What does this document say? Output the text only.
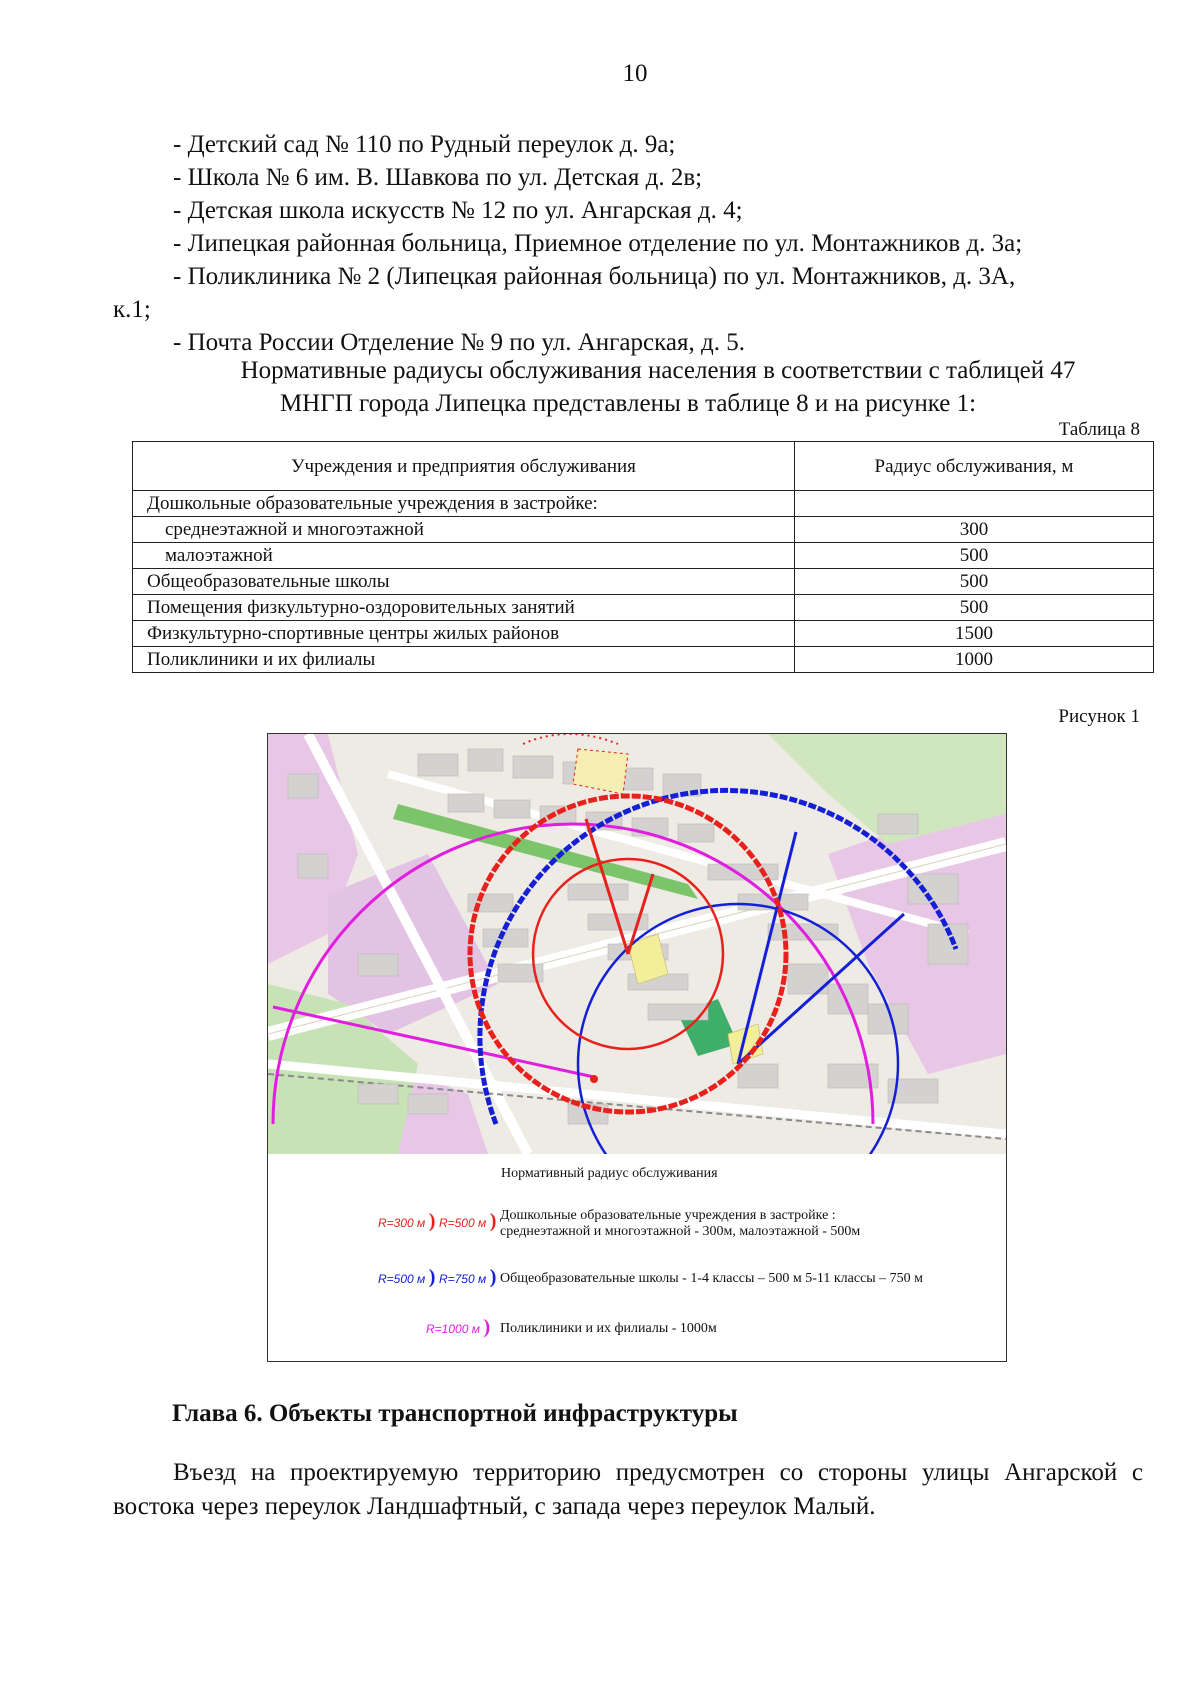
10
- Детский сад № 110 по Рудный переулок д. 9а;
- Школа № 6 им. В. Шавкова по ул. Детская д. 2в;
- Детская школа искусств № 12 по ул. Ангарская д. 4;
- Липецкая районная больница, Приемное отделение по ул. Монтажников д. 3а;
- Поликлиника № 2 (Липецкая районная больница) по ул. Монтажников, д. 3А,
к.1;
- Почта России Отделение № 9 по ул. Ангарская, д. 5.
Нормативные радиусы обслуживания населения в соответствии с таблицей 47
МНГП города Липецка представлены в таблице 8 и на рисунке 1:
Таблица 8
Учреждения и предприятия обслуживания	Радиус обслуживания, м
Дошкольные образовательные учреждения в застройке:	
среднеэтажной и многоэтажной	300
малоэтажной	500
Общеобразовательные школы	500
Помещения физкультурно-оздоровительных занятий	500
Физкультурно-спортивные центры жилых районов	1500
Поликлиники и их филиалы	1000
Рисунок 1
Нормативный радиус обслуживания
R=300 м ) R=500 м ) Дошкольные образовательные учреждения в застройке :
среднеэтажной и многоэтажной - 300м, малоэтажной - 500м
R=500 м ) R=750 м ) Общеобразовательные школы - 1-4 классы – 500 м 5-11 классы – 750 м
R=1000 м ) Поликлиники и их филиалы - 1000м
Глава 6. Объекты транспортной инфраструктуры
Въезд на проектируемую территорию предусмотрен со стороны улицы Ангарской с востока через переулок Ландшафтный, с запада через переулок Малый.
